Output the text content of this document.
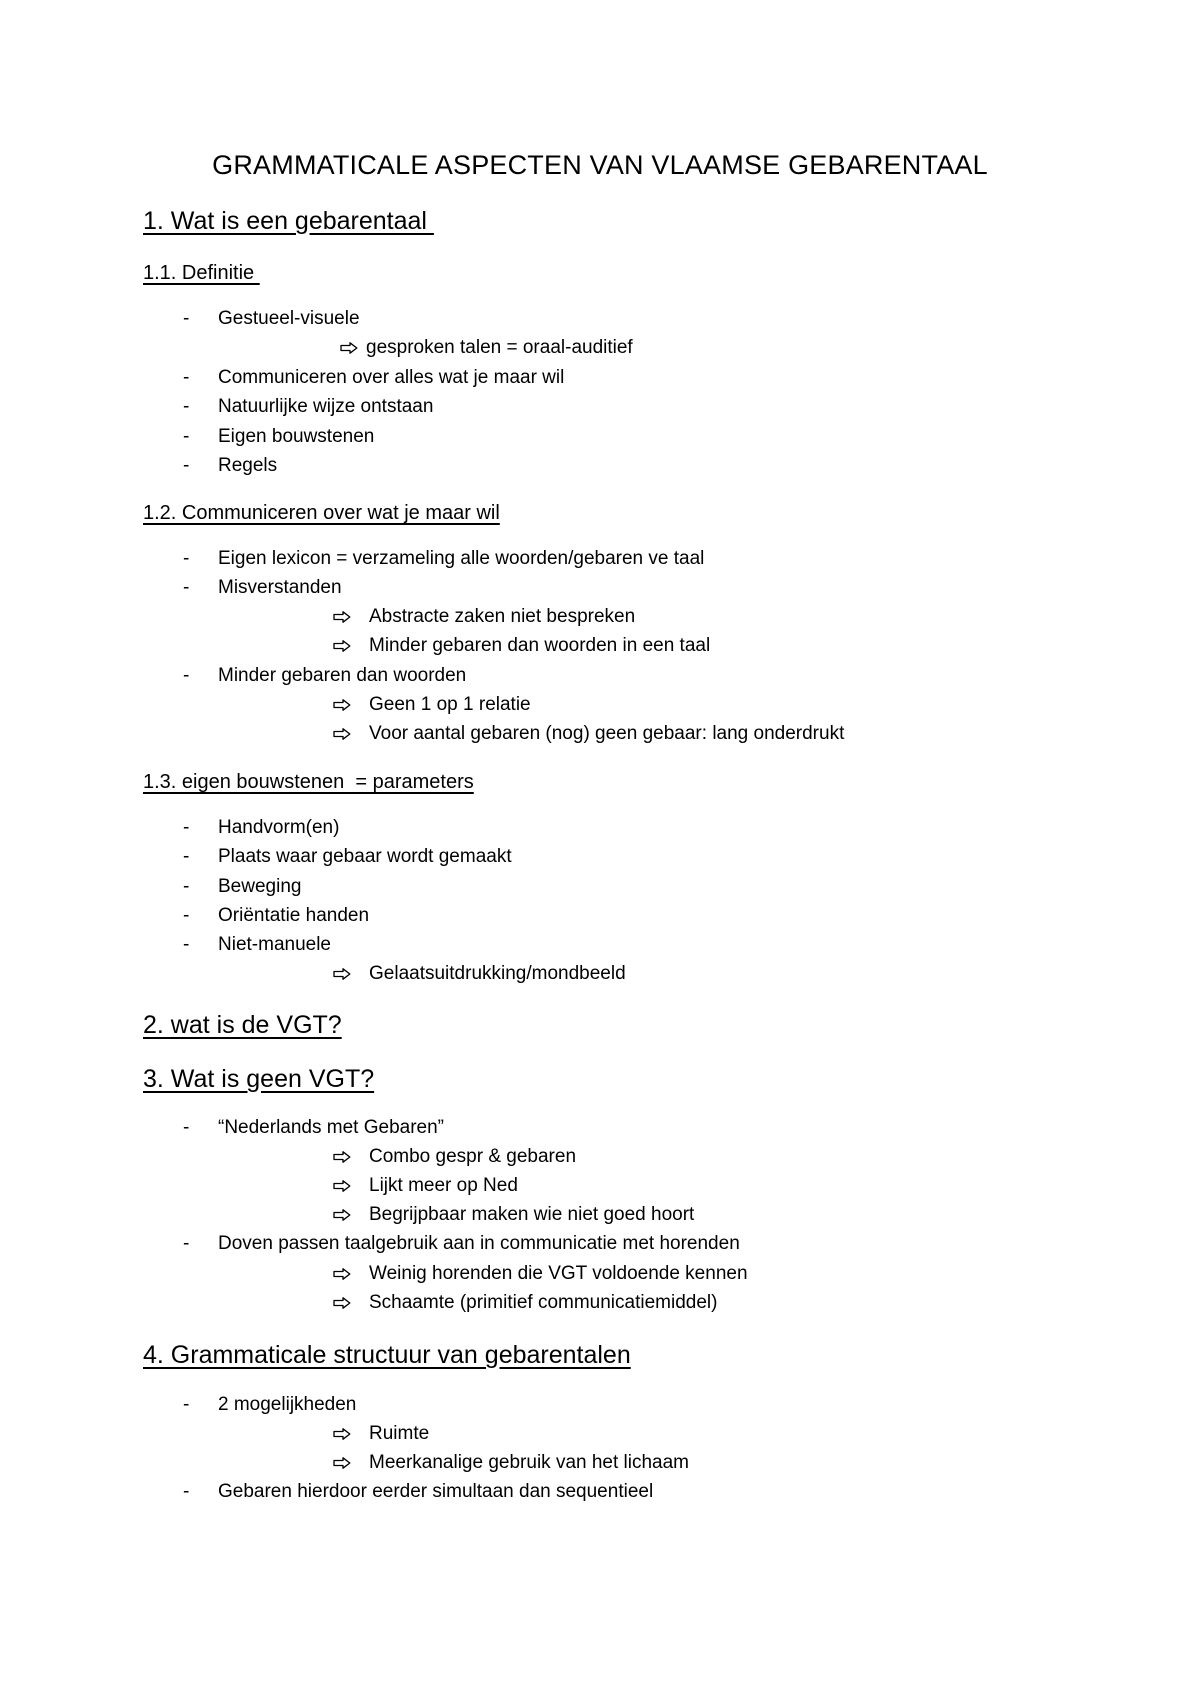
GRAMMATICALE ASPECTEN VAN VLAAMSE GEBARENTAAL
1. Wat is een gebarentaal
1.1. Definitie
- Gestueel-visuele
gesproken talen = oraal-auditief
- Communiceren over alles wat je maar wil
- Natuurlijke wijze ontstaan
- Eigen bouwstenen
- Regels
1.2. Communiceren over wat je maar wil
- Eigen lexicon = verzameling alle woorden/gebaren ve taal
- Misverstanden
Abstracte zaken niet bespreken
Minder gebaren dan woorden in een taal
- Minder gebaren dan woorden
Geen 1 op 1 relatie
Voor aantal gebaren (nog) geen gebaar: lang onderdrukt
1.3. eigen bouwstenen  = parameters
- Handvorm(en)
- Plaats waar gebaar wordt gemaakt
- Beweging
- Oriëntatie handen
- Niet-manuele
Gelaatsuitdrukking/mondbeeld
2. wat is de VGT?
3. Wat is geen VGT?
- “Nederlands met Gebaren”
Combo gespr & gebaren
Lijkt meer op Ned
Begrijpbaar maken wie niet goed hoort
- Doven passen taalgebruik aan in communicatie met horenden
Weinig horenden die VGT voldoende kennen
Schaamte (primitief communicatiemiddel)
4. Grammaticale structuur van gebarentalen
- 2 mogelijkheden
Ruimte
Meerkanalige gebruik van het lichaam
- Gebaren hierdoor eerder simultaan dan sequentieel
